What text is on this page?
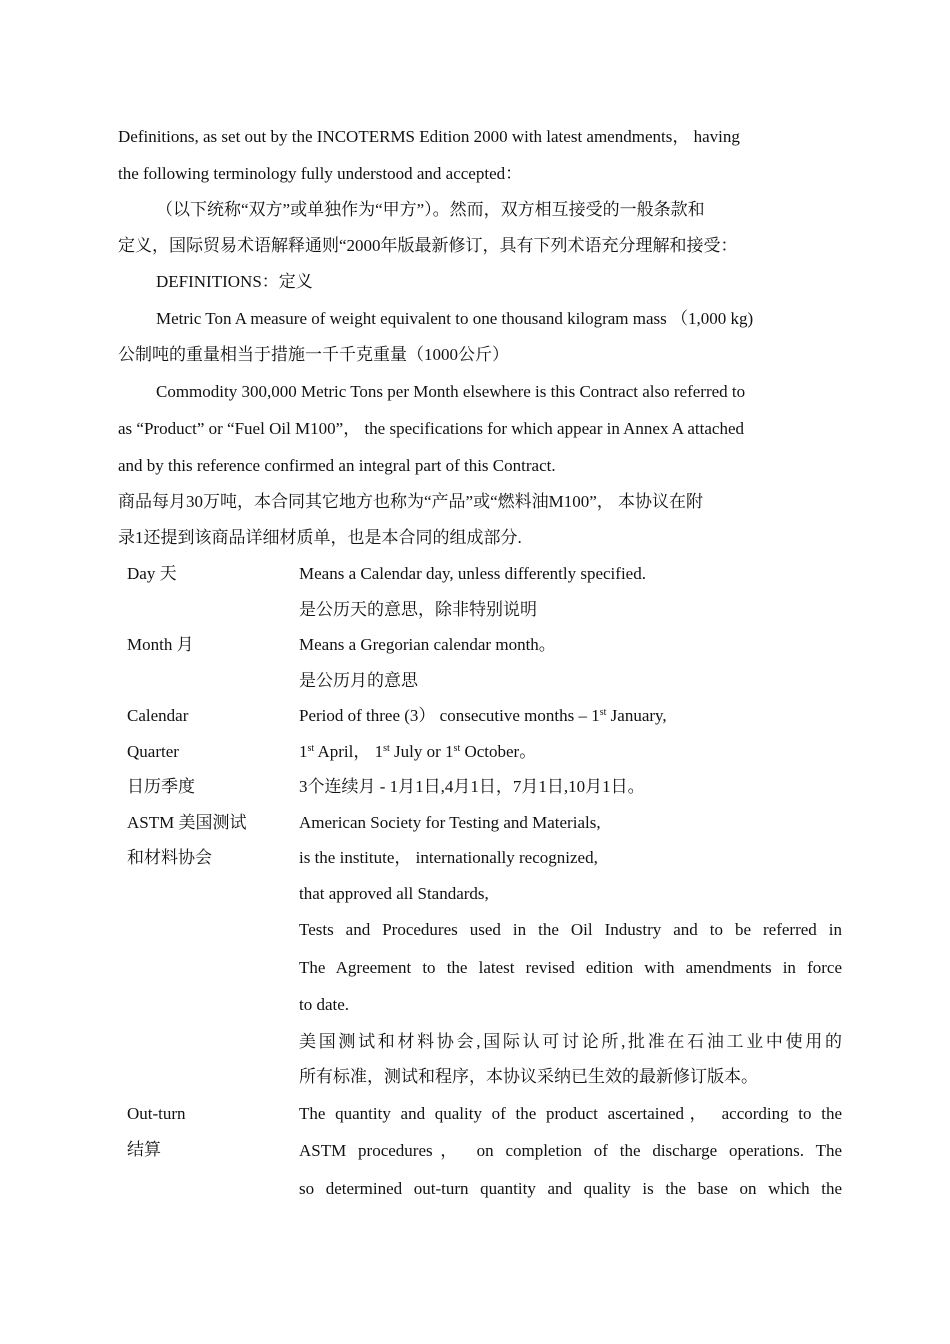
Definitions, as set out by the INCOTERMS Edition 2000 with latest amendments， having

the following terminology fully understood and accepted：

（以下统称“双方”或单独作为“甲方”）。然而，双方相互接受的一般条款和

定义，国际贸易术语解释通则“2000年版最新修订，具有下列术语充分理解和接受：

DEFINITIONS：定义

Metric Ton A measure of weight equivalent to one thousand kilogram mass （1,000 kg)

公制吨的重量相当于措施一千千克重量（1000公斤）

Commodity 300,000 Metric Tons per Month elsewhere is this Contract also referred to

as “Product” or “Fuel Oil M100”， the specifications for which appear in Annex A attached

and by this reference confirmed an integral part of this Contract.

商品每月30万吨，本合同其它地方也称为“产品”或“燃料油M100”， 本协议在附

录1还提到该商品详细材质单，也是本合同的组成部分.

Day 天	Means a Calendar day, unless differently specified.
是公历天的意思，除非特别说明
Month 月	Means a Gregorian calendar month。
是公历月的意思
Calendar
Quarter
日历季度
Period of three (3） consecutive months – 1st January,
1st April， 1st July or 1st October。
3个连续月 - 1月1日,4月1日，7月1日,10月1日。
ASTM 美国测试
和材料协会
American Society for Testing and Materials,
is the institute， internationally recognized,
that approved all Standards,
Tests and Procedures used in the Oil Industry and to be referred in
The Agreement to the latest revised edition with amendments in force
to date.
美国测试和材料协会,国际认可讨论所,批准在石油工业中使用的
所有标准，测试和程序，本协议采纳已生效的最新修订版本。
Out-turn
结算
The quantity and quality of the product ascertained， according to the
ASTM procedures， on completion of the discharge operations. The
so determined out-turn quantity and quality is the base on which the
